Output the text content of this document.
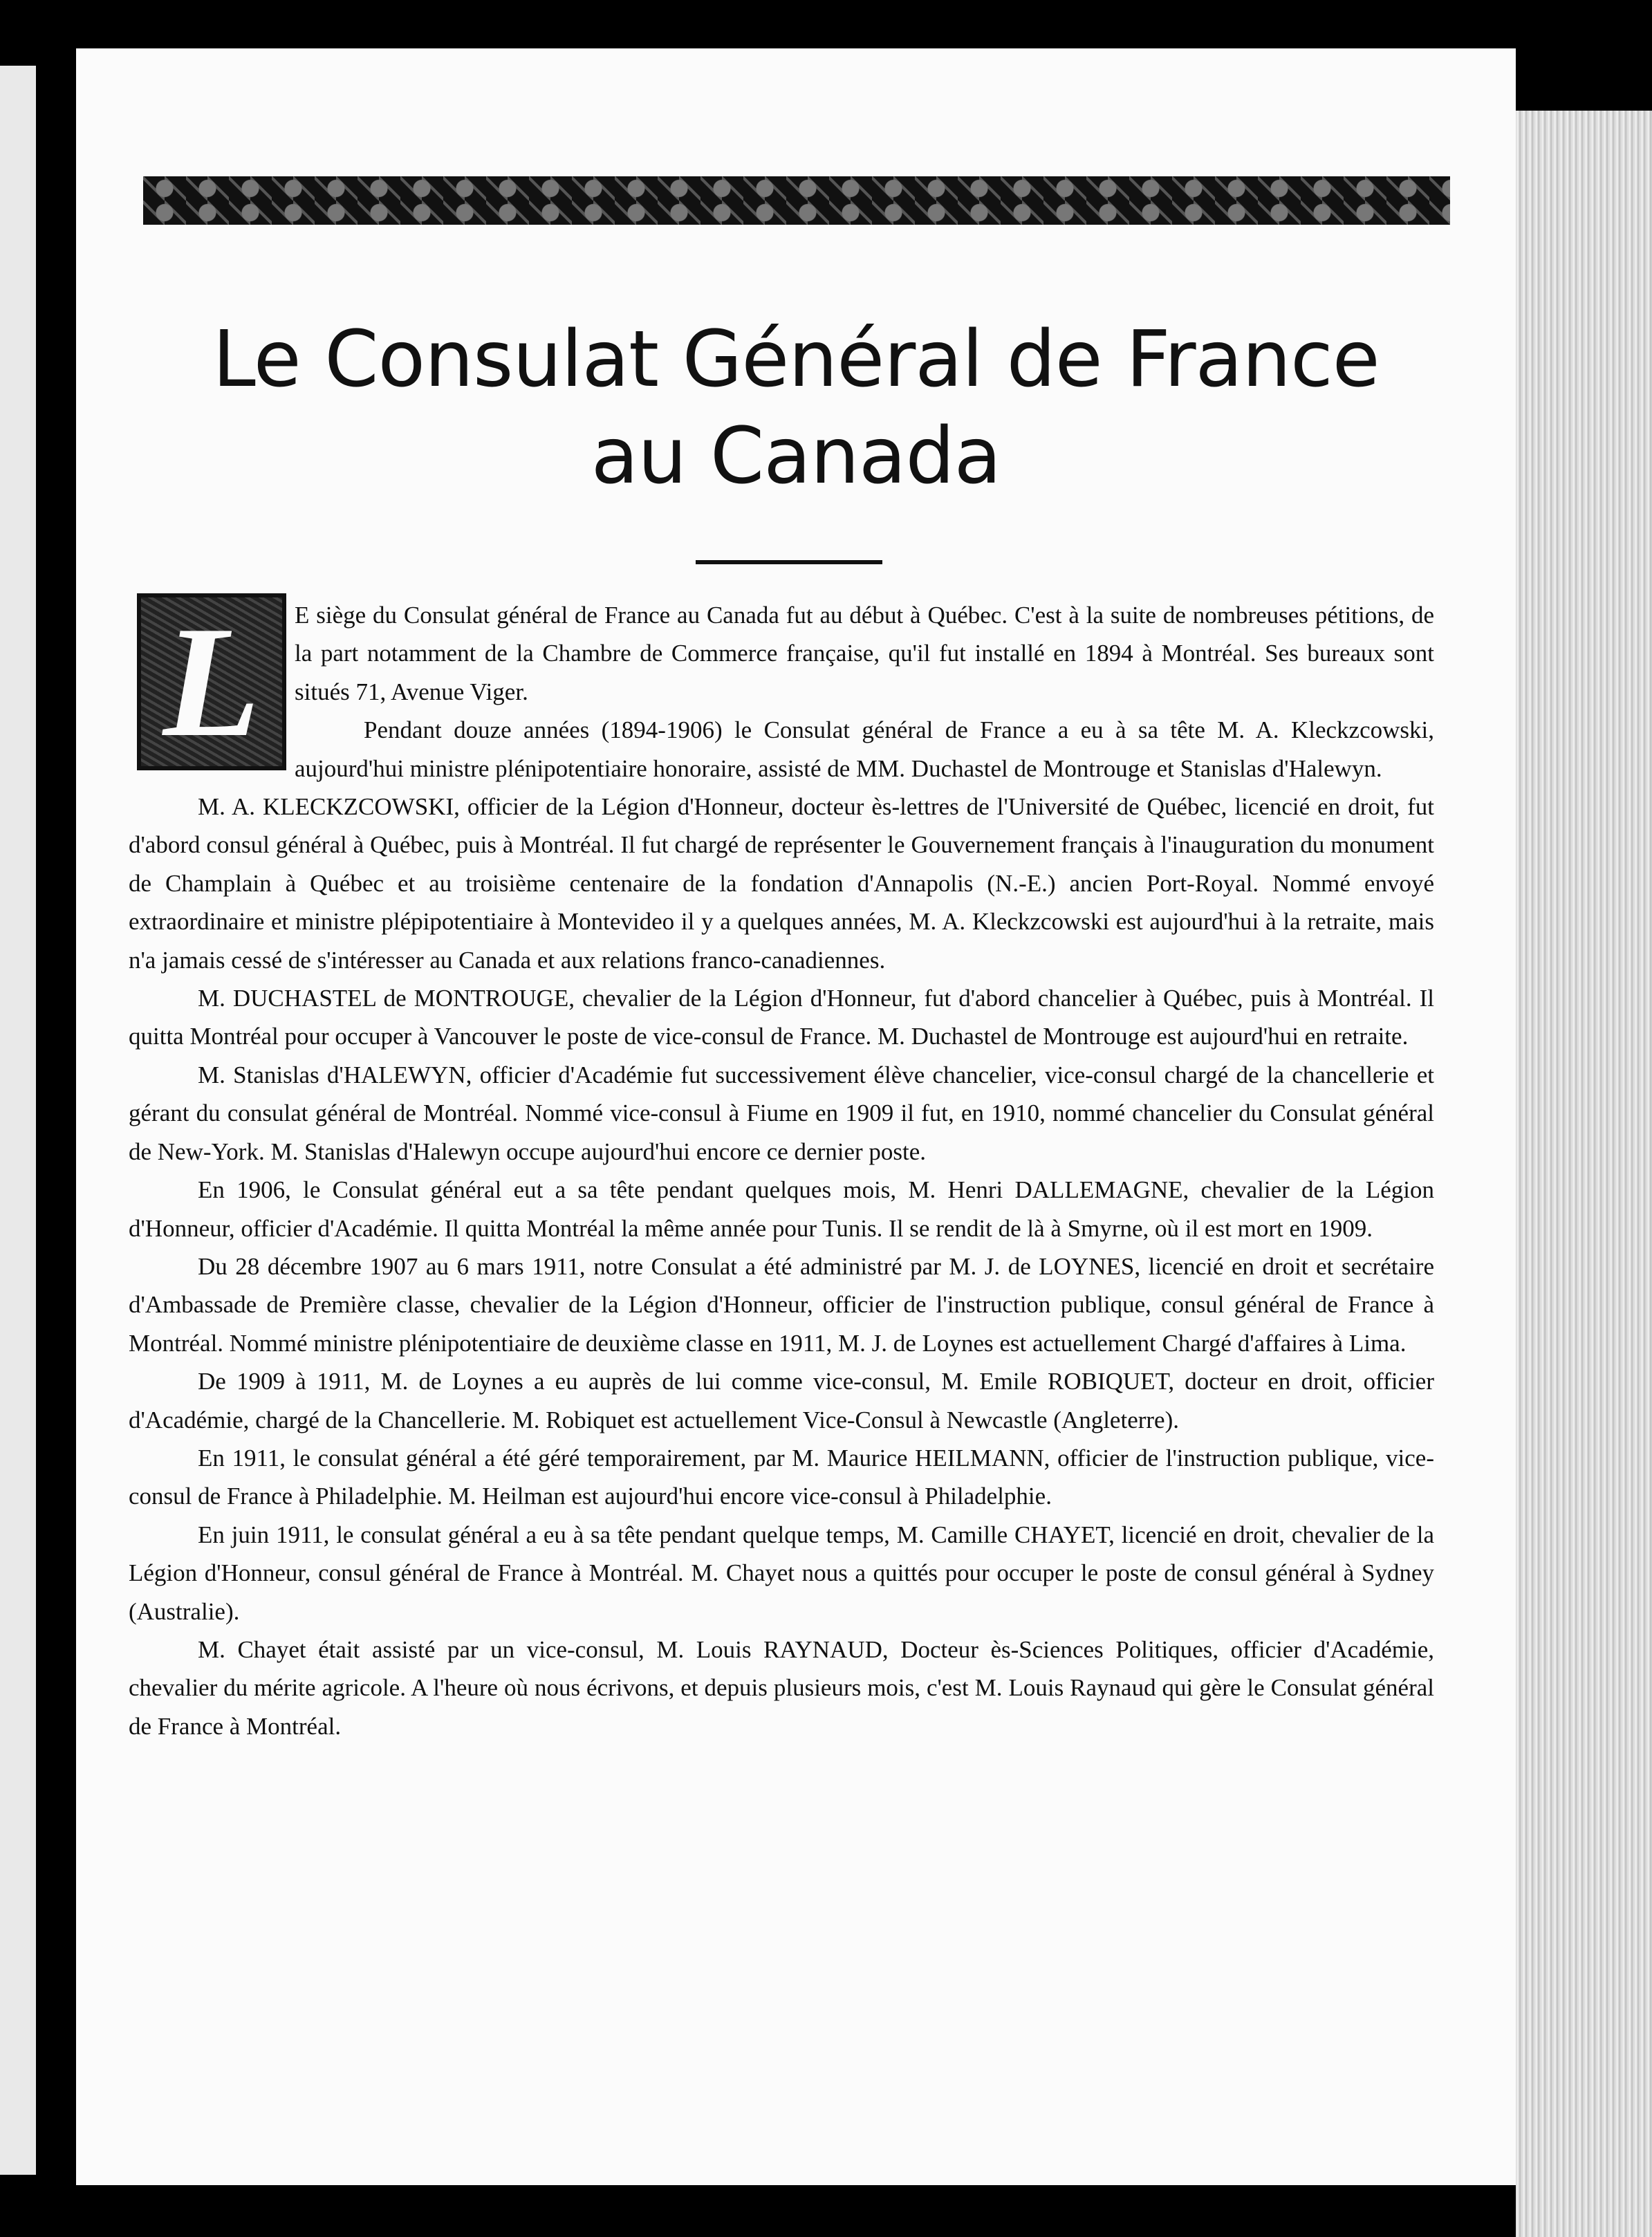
Le Consulat Général de France
au Canada
L	E siège du Consulat général de France au Canada fut au début à Québec. C'est à la suite de nombreuses pétitions, de la part notamment de la Chambre de Commerce française, qu'il fut installé en 1894 à Montréal. Ses bureaux sont situés 71, Avenue Viger.

Pendant douze années (1894-1906) le Consulat général de France a eu à sa tête M. A. Kleckzcowski, aujourd'hui ministre plénipotentiaire honoraire, assisté de MM. Duchastel de Montrouge et Stanislas d'Halewyn.

M. A. KLECKZCOWSKI, officier de la Légion d'Honneur, docteur ès-lettres de l'Université de Québec, licencié en droit, fut d'abord consul général à Québec, puis à Montréal. Il fut chargé de représenter le Gouvernement français à l'inauguration du monument de Champlain à Québec et au troisième centenaire de la fondation d'Annapolis (N.-E.) ancien Port-Royal. Nommé envoyé extraordinaire et ministre plépipotentiaire à Montevideo il y a quelques années, M. A. Kleckzcowski est aujourd'hui à la retraite, mais n'a jamais cessé de s'intéresser au Canada et aux relations franco-canadiennes.

M. DUCHASTEL de MONTROUGE, chevalier de la Légion d'Honneur, fut d'abord chancelier à Québec, puis à Montréal. Il quitta Montréal pour occuper à Vancouver le poste de vice-consul de France. M. Duchastel de Montrouge est aujourd'hui en retraite.

M. Stanislas d'HALEWYN, officier d'Académie fut successivement élève chancelier, vice-consul chargé de la chancellerie et gérant du consulat général de Montréal. Nommé vice-consul à Fiume en 1909 il fut, en 1910, nommé chancelier du Consulat général de New-York. M. Stanislas d'Halewyn occupe aujourd'hui encore ce dernier poste.

En 1906, le Consulat général eut a sa tête pendant quelques mois, M. Henri DALLEMAGNE, chevalier de la Légion d'Honneur, officier d'Académie. Il quitta Montréal la même année pour Tunis. Il se rendit de là à Smyrne, où il est mort en 1909.

Du 28 décembre 1907 au 6 mars 1911, notre Consulat a été administré par M. J. de LOYNES, licencié en droit et secrétaire d'Ambassade de Première classe, chevalier de la Légion d'Honneur, officier de l'instruction publique, consul général de France à Montréal. Nommé ministre plénipotentiaire de deuxième classe en 1911, M. J. de Loynes est actuellement Chargé d'affaires à Lima.

De 1909 à 1911, M. de Loynes a eu auprès de lui comme vice-consul, M. Emile ROBIQUET, docteur en droit, officier d'Académie, chargé de la Chancellerie. M. Robiquet est actuellement Vice-Consul à Newcastle (Angleterre).

En 1911, le consulat général a été géré temporairement, par M. Maurice HEILMANN, officier de l'instruction publique, vice-consul de France à Philadelphie. M. Heilman est aujourd'hui encore vice-consul à Philadelphie.

En juin 1911, le consulat général a eu à sa tête pendant quelque temps, M. Camille CHAYET, licencié en droit, chevalier de la Légion d'Honneur, consul général de France à Montréal. M. Chayet nous a quittés pour occuper le poste de consul général à Sydney (Australie).

M. Chayet était assisté par un vice-consul, M. Louis RAYNAUD, Docteur ès-Sciences Politiques, officier d'Académie, chevalier du mérite agricole. A l'heure où nous écrivons, et depuis plusieurs mois, c'est M. Louis Raynaud qui gère le Consulat général de France à Montréal.
